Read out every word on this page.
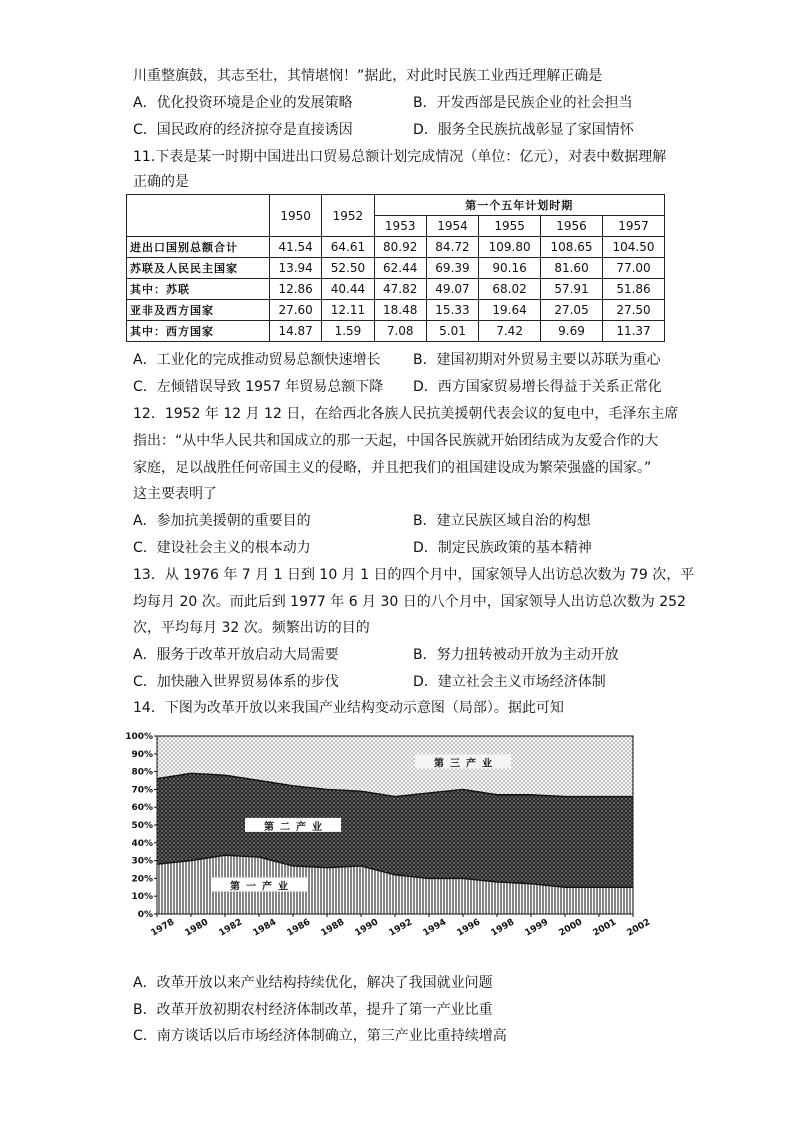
川重整旗鼓，其志至壮，其情堪悯！”据此，对此时民族工业西迁理解正确是
A．优化投资环境是企业的发展策略	B．开发西部是民族企业的社会担当
C．国民政府的经济掠夺是直接诱因	D．服务全民族抗战彰显了家国情怀
11.下表是某一时期中国进出口贸易总额计划完成情况（单位：亿元），对表中数据理解
正确的是
	1950	1952	第一个五年计划时期				
			1953	1954	1955	1956	1957
进出口国别总额合计	41.54	64.61	80.92	84.72	109.80	108.65	104.50
苏联及人民民主国家	13.94	52.50	62.44	69.39	90.16	81.60	77.00
其中：苏联	12.86	40.44	47.82	49.07	68.02	57.91	51.86
亚非及西方国家	27.60	12.11	18.48	15.33	19.64	27.05	27.50
其中：西方国家	14.87	1.59	7.08	5.01	7.42	9.69	11.37
A．工业化的完成推动贸易总额快速增长 B．建国初期对外贸易主要以苏联为重心
C．左倾错误导致 1957 年贸易总额下降 D．西方国家贸易增长得益于关系正常化
12．1952 年 12 月 12 日，在给西北各族人民抗美援朝代表会议的复电中，毛泽东主席
指出：“从中华人民共和国成立的那一天起，中国各民族就开始团结成为友爱合作的大
家庭，足以战胜任何帝国主义的侵略，并且把我们的祖国建设成为繁荣强盛的国家。”
这主要表明了
A．参加抗美援朝的重要目的	B．建立民族区域自治的构想
C．建设社会主义的根本动力	D．制定民族政策的基本精神
13．从 1976 年 7 月 1 日到 10 月 1 日的四个月中，国家领导人出访总次数为 79 次，平
均每月 20 次。而此后到 1977 年 6 月 30 日的八个月中，国家领导人出访总次数为 252
次，平均每月 32 次。频繁出访的目的
A．服务于改革开放启动大局需要	B．努力扭转被动开放为主动开放
C．加快融入世界贸易体系的步伐	D．建立社会主义市场经济体制
14．下图为改革开放以来我国产业结构变动示意图（局部）。据此可知
0%
10%
20%
30%
40%
50%
60%
70%
80%
90%
100%
1978 1980 1982 1984 1986 1988 1990 1992 1994 1996 1998 1999 2000 2001 2002
第三产业
第二产业
第一产业
A．改革开放以来产业结构持续优化，解决了我国就业问题
B．改革开放初期农村经济体制改革，提升了第一产业比重
C．南方谈话以后市场经济体制确立，第三产业比重持续增高
